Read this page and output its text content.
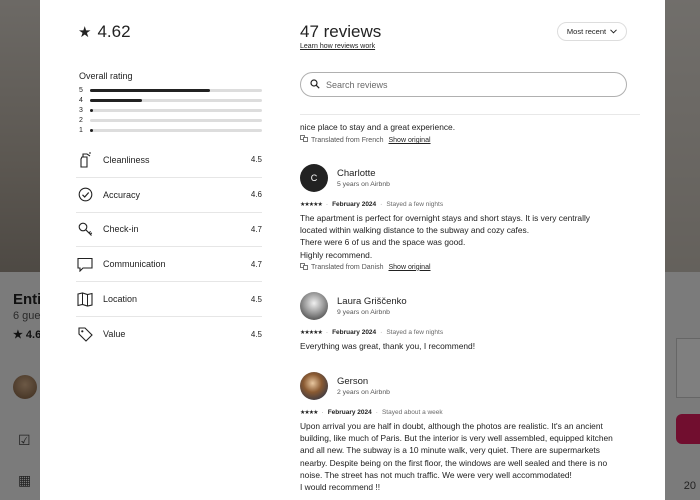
★ 4.62
Overall rating
5
4
3
2
1
Cleanliness	4.5
Accuracy	4.6
Check-in	4.7
Communication	4.7
Location	4.5
Value	4.5
47 reviews
Learn how reviews work
Most recent
Search reviews
nice place to stay and a great experience.
Translated from French Show original
C Charlotte
5 years on Airbnb
★★★★★ · February 2024 · Stayed a few nights

The apartment is perfect for overnight stays and short stays. It is very centrally

located within walking distance to the subway and cozy cafes.

There were 6 of us and the space was good.

Highly recommend.

Translated from Danish Show original
Laura Griščenko
9 years on Airbnb
★★★★★ · February 2024 · Stayed a few nights

Everything was great, thank you, I recommend!

Gerson
2 years on Airbnb
★★★★ · February 2024 · Stayed about a week

Upon arrival you are half in doubt, although the photos are realistic. It's an ancient

building, like much of Paris. But the interior is very well assembled, equipped kitchen

and all new. The subway is a 10 minute walk, very quiet. There are supermarkets

nearby. Despite being on the first floor, the windows are well sealed and there is no

noise. The street has not much traffic. We were very well accommodated!

I would recommend !!
